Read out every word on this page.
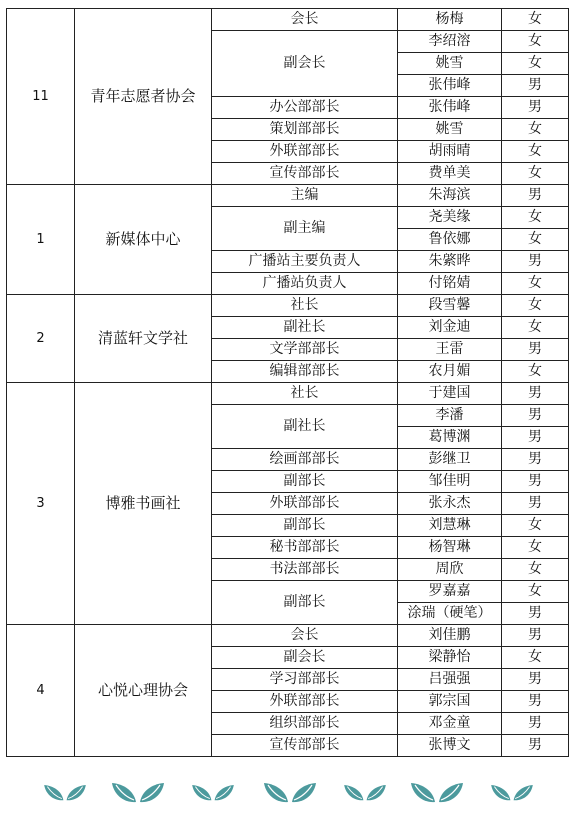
11	青年志愿者协会	会长	杨梅	女
		副会长	李绍溶	女
			姚雪	女
			张伟峰	男
		办公部部长	张伟峰	男
		策划部部长	姚雪	女
		外联部部长	胡雨晴	女
		宣传部部长	费单美	女
1	新媒体中心	主编	朱海滨	男
		副主编	尧美缘	女
			鲁依娜	女
		广播站主要负责人	朱綮晔	男
		广播站负责人	付铭婧	女
2	清蓝轩文学社	社长	段雪馨	女
		副社长	刘金迪	女
		文学部部长	王雷	男
		编辑部部长	农月媚	女
3	博雅书画社	社长	于建国	男
		副社长	李潘	男
			葛博渊	男
		绘画部部长	彭继卫	男
		副部长	邹佳明	男
		外联部部长	张永杰	男
		副部长	刘慧琳	女
		秘书部部长	杨智琳	女
		书法部部长	周欣	女
		副部长	罗嘉嘉	女
			涂瑞（硬笔）	男
4	心悦心理协会	会长	刘佳鹏	男
		副会长	梁静怡	女
		学习部部长	吕强强	男
		外联部部长	郭宗国	男
		组织部部长	邓金童	男
		宣传部部长	张博文	男
